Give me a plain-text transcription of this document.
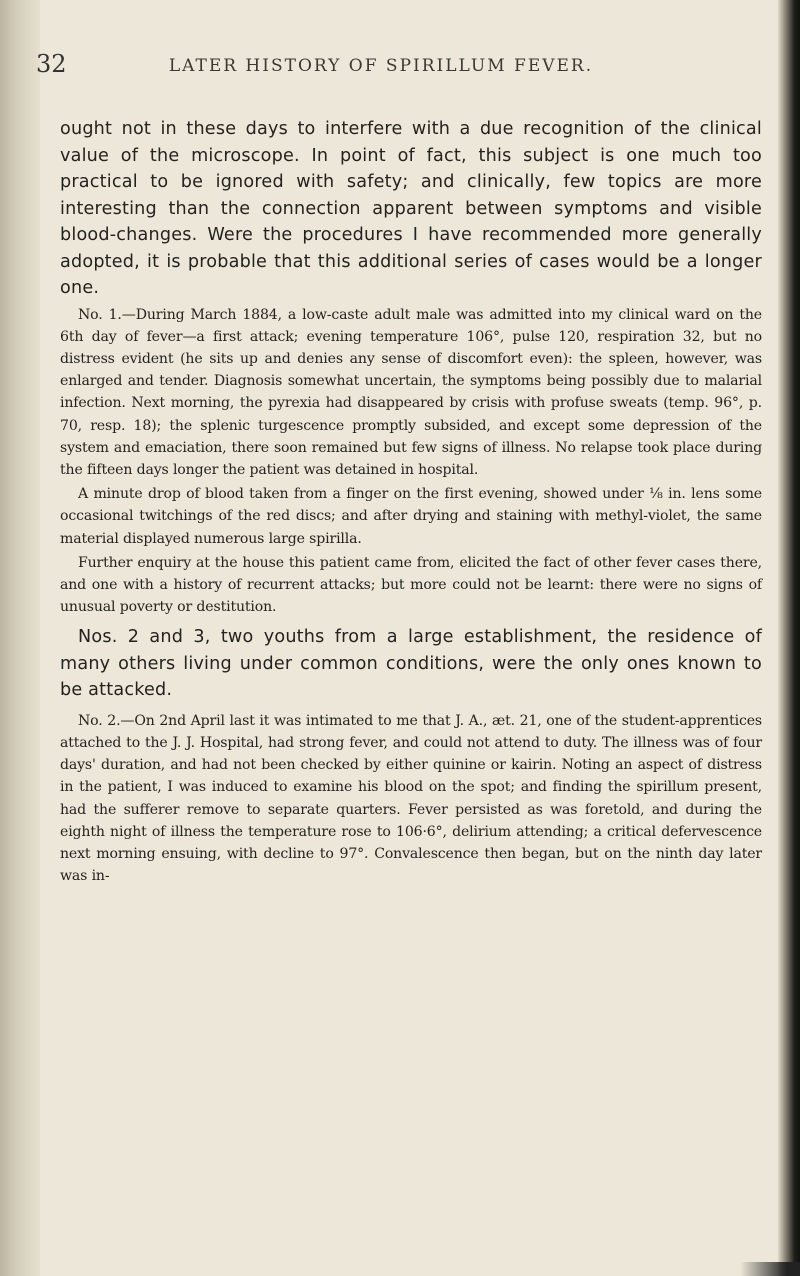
32	LATER HISTORY OF SPIRILLUM FEVER.

ought not in these days to interfere with a due recognition of the clinical value of the microscope. In point of fact, this subject is one much too practical to be ignored with safety; and clinically, few topics are more interesting than the connection apparent between symptoms and visible blood-changes. Were the procedures I have recommended more generally adopted, it is probable that this additional series of cases would be a longer one.

No. 1.—During March 1884, a low-caste adult male was admitted into my clinical ward on the 6th day of fever—a first attack; evening temperature 106°, pulse 120, respiration 32, but no distress evident (he sits up and denies any sense of discomfort even): the spleen, however, was enlarged and tender. Diagnosis somewhat uncertain, the symptoms being possibly due to malarial infection. Next morning, the pyrexia had disappeared by crisis with profuse sweats (temp. 96°, p. 70, resp. 18); the splenic turgescence promptly subsided, and except some depression of the system and emaciation, there soon remained but few signs of illness. No relapse took place during the fifteen days longer the patient was detained in hospital.

A minute drop of blood taken from a finger on the first evening, showed under ⅛ in. lens some occasional twitchings of the red discs; and after drying and staining with methyl-violet, the same material displayed numerous large spirilla.

Further enquiry at the house this patient came from, elicited the fact of other fever cases there, and one with a history of recurrent attacks; but more could not be learnt: there were no signs of unusual poverty or destitution.

Nos. 2 and 3, two youths from a large establishment, the residence of many others living under common conditions, were the only ones known to be attacked.

No. 2.—On 2nd April last it was intimated to me that J. A., æt. 21, one of the student-apprentices attached to the J. J. Hospital, had strong fever, and could not attend to duty. The illness was of four days' duration, and had not been checked by either quinine or kairin. Noting an aspect of distress in the patient, I was induced to examine his blood on the spot; and finding the spirillum present, had the sufferer remove to separate quarters. Fever persisted as was foretold, and during the eighth night of illness the temperature rose to 106·6°, delirium attending; a critical defervescence next morning ensuing, with decline to 97°. Convalescence then began, but on the ninth day later was in-
